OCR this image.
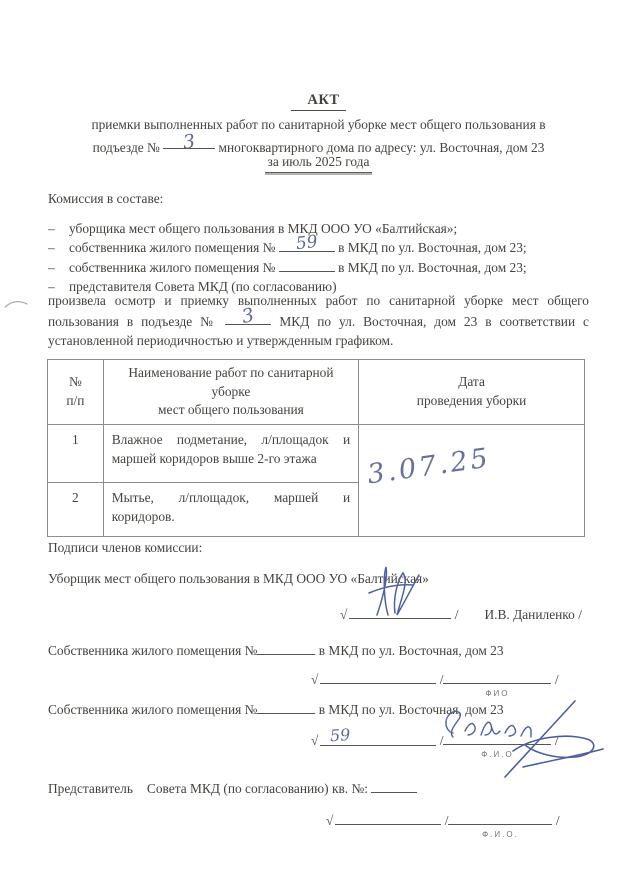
АКТ
приемки выполненных работ по санитарной уборке мест общего пользования в
подъезде № 3 многоквартирного дома по адресу: ул. Восточная, дом 23
за июль 2025 года
Комиссия в составе:
–	уборщика мест общего пользования в МКД ООО УО «Балтийская»;
–	собственника жилого помещения № 59 в МКД по ул. Восточная, дом 23;
–	собственника жилого помещения №	в МКД по ул. Восточная, дом 23;
–	представителя Совета МКД (по согласованию)
произвела осмотр и приемку выполненных работ по санитарной уборке мест общего пользования в подъезде № 3 МКД по ул. Восточная, дом 23 в соответствии с установленной периодичностью и утвержденным графиком.
№
п/п

Наименование работ по санитарной уборке
мест общего пользования

Дата
проведения уборки

1	Влажное подметание, л/площадок и маршей коридоров выше 2-го этажа	3.07.25

2	Мытье, л/площадок, маршей и коридоров.	
Подписи членов комиссии:
Уборщик мест общего пользования в МКД ООО УО «Балтийская»
√	/ И.В. Даниленко /
Собственника жилого помещения №	в МКД по ул. Восточная, дом 23
√	/
ФИО
/
Собственника жилого помещения №	в МКД по ул. Восточная, дом 23
√ 59	/
Ф.И.О
/
Представитель Совета МКД (по согласованию) кв. №:
√	/
Ф.И.О.
/
